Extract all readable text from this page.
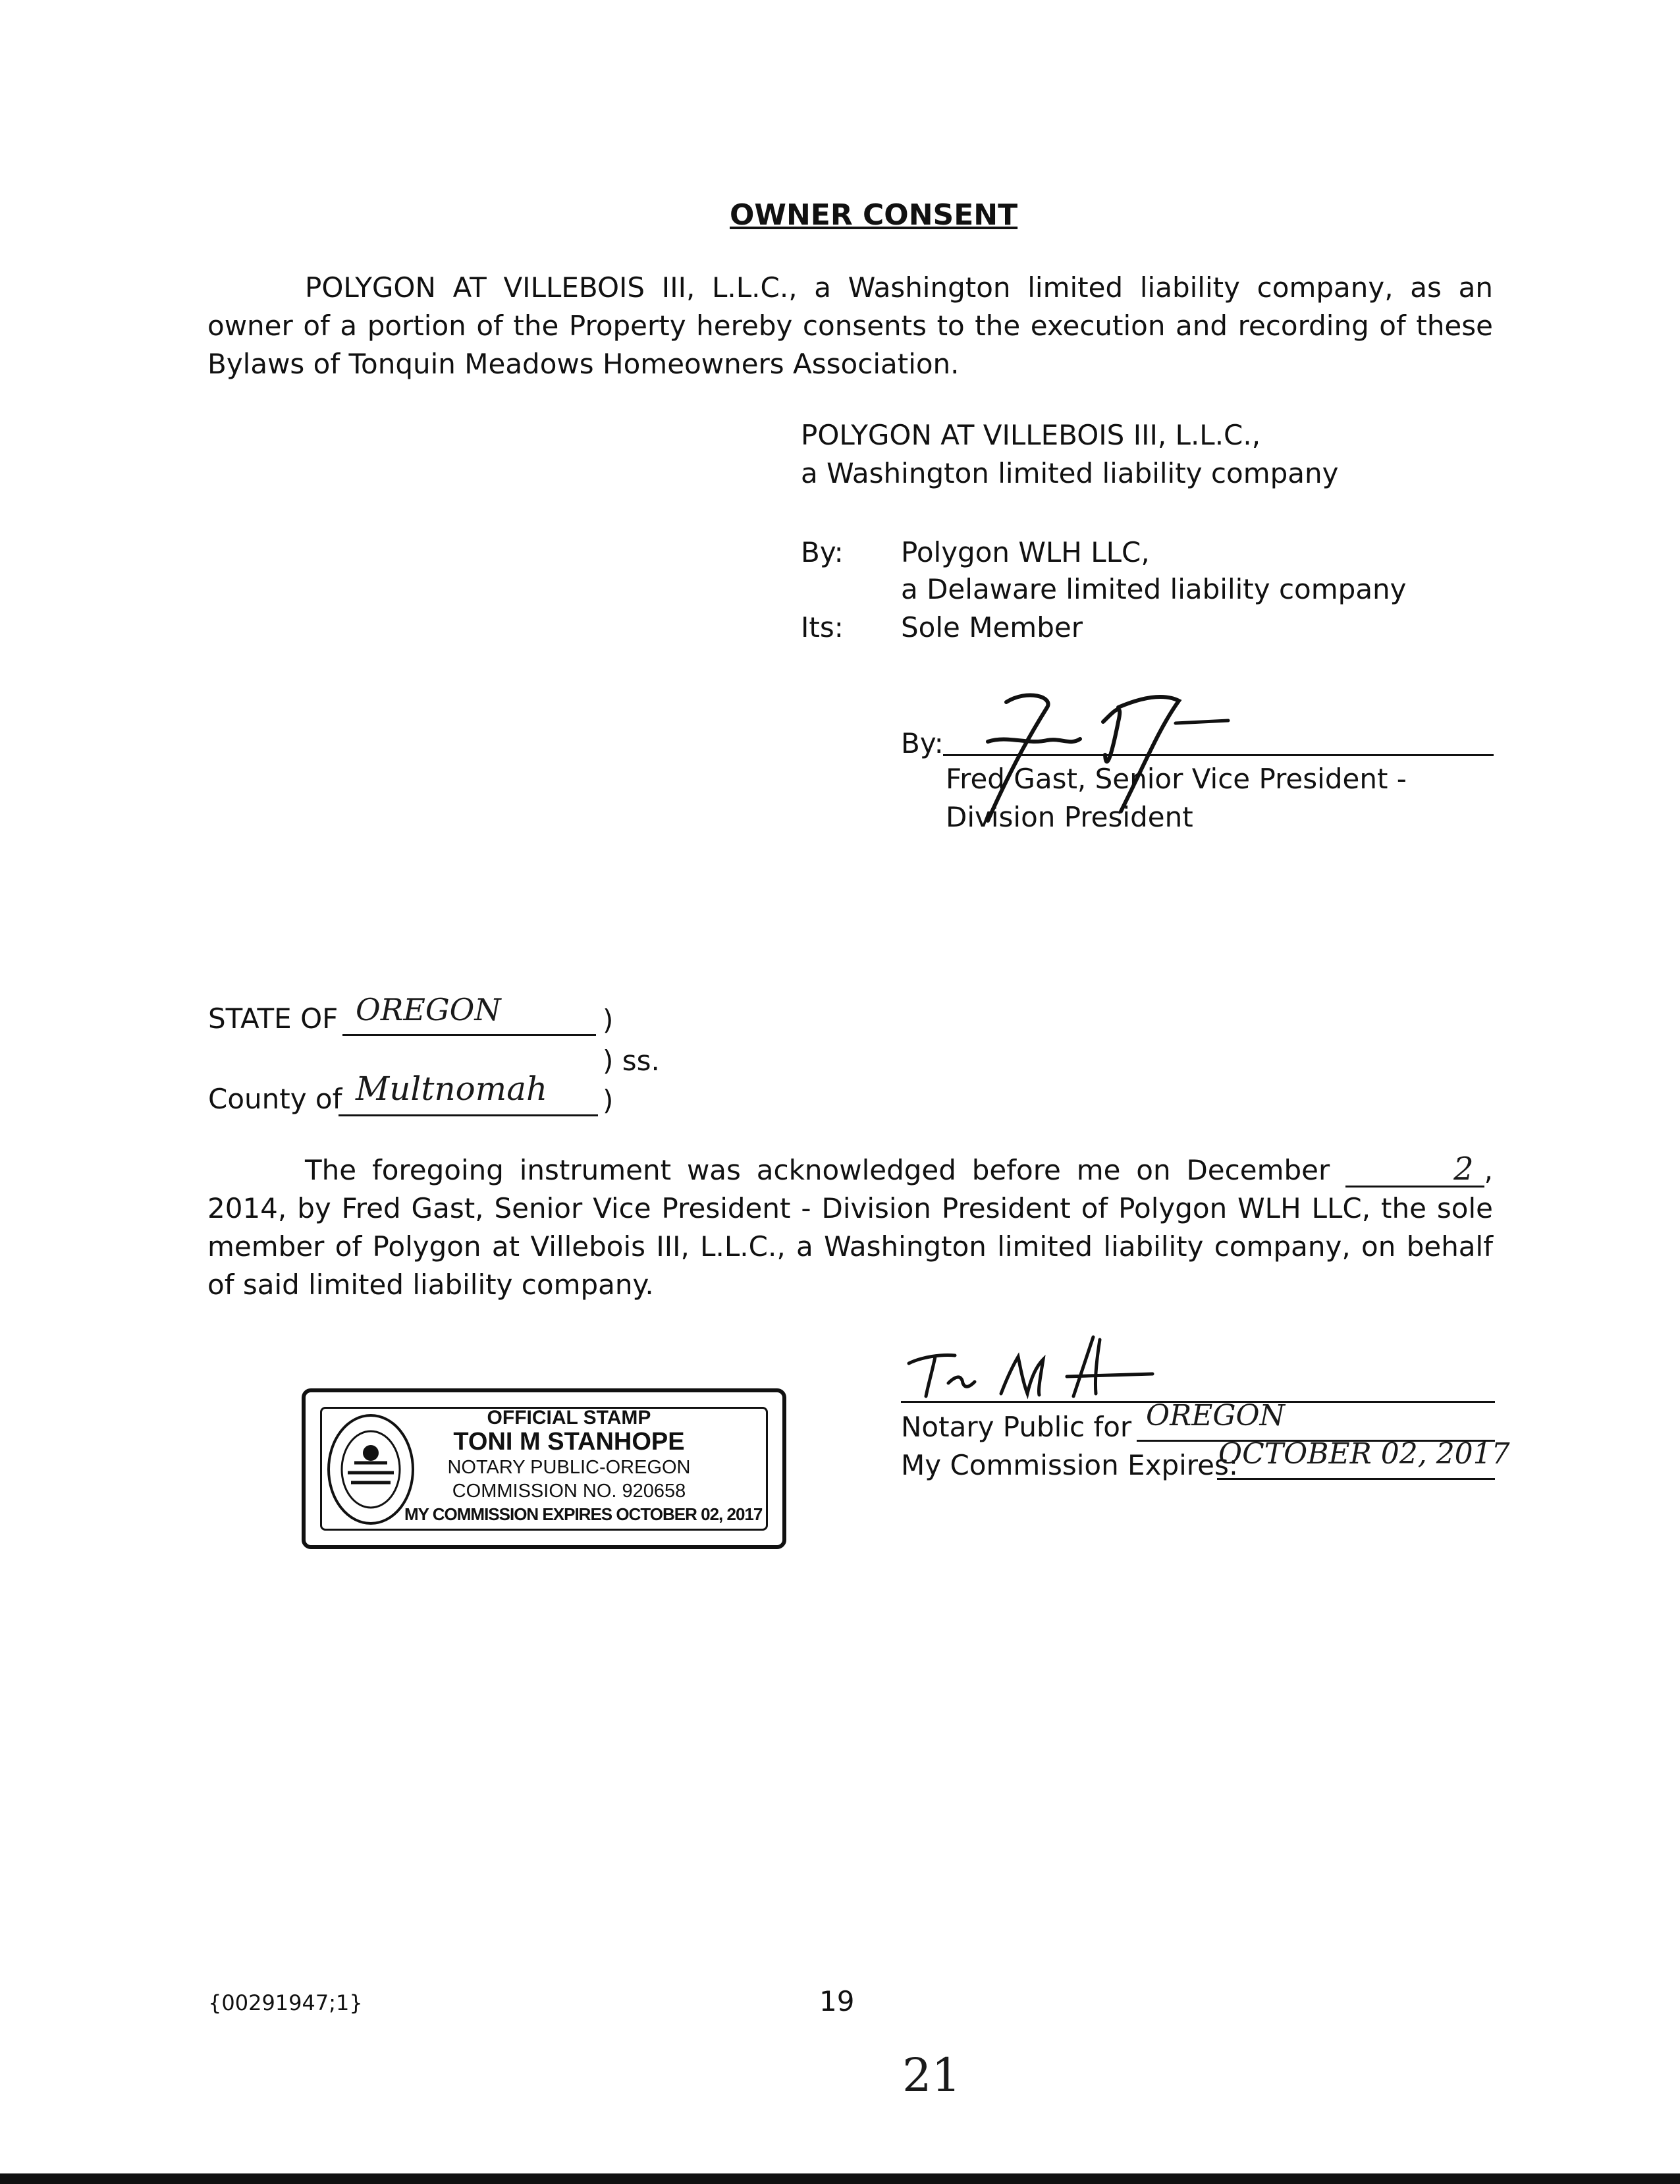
OWNER CONSENT
POLYGON AT VILLEBOIS III, L.L.C., a Washington limited liability company, as an owner of a portion of the Property hereby consents to the execution and recording of these Bylaws of Tonquin Meadows Homeowners Association.
POLYGON AT VILLEBOIS III, L.L.C.,
a Washington limited liability company
By: Polygon WLH LLC,
a Delaware limited liability company
Its: Sole Member
By:
Fred Gast, Senior Vice President -
Division President
STATE OF OREGON	)
) ss.
County of Multnomah )
The foregoing instrument was acknowledged before me on December	2 , 2014, by Fred Gast, Senior Vice President - Division President of Polygon WLH LLC, the sole member of Polygon at Villebois III, L.L.C., a Washington limited liability company, on behalf of said limited liability company.
OFFICIAL STAMP
TONI M STANHOPE
NOTARY PUBLIC-OREGON
COMMISSION NO. 920658
MY COMMISSION EXPIRES OCTOBER 02, 2017
Notary Public for OREGON
My Commission Expires:
OCTOBER 02, 2017
{00291947;1}	19
21
